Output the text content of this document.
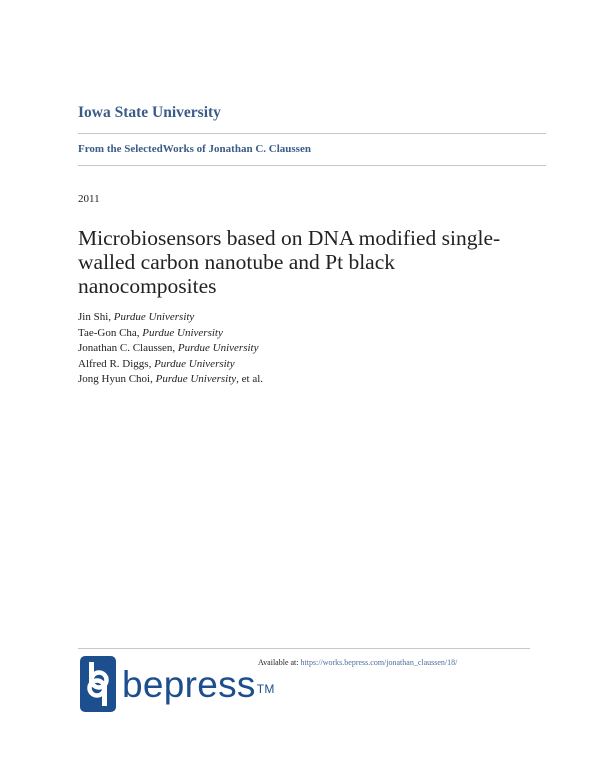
Iowa State University
From the SelectedWorks of Jonathan C. Claussen
2011
Microbiosensors based on DNA modified single-
walled carbon nanotube and Pt black
nanocomposites
Jin Shi, Purdue University
Tae-Gon Cha, Purdue University
Jonathan C. Claussen, Purdue University
Alfred R. Diggs, Purdue University
Jong Hyun Choi, Purdue University, et al.
bepress™
Available at: https://works.bepress.com/jonathan_claussen/18/
